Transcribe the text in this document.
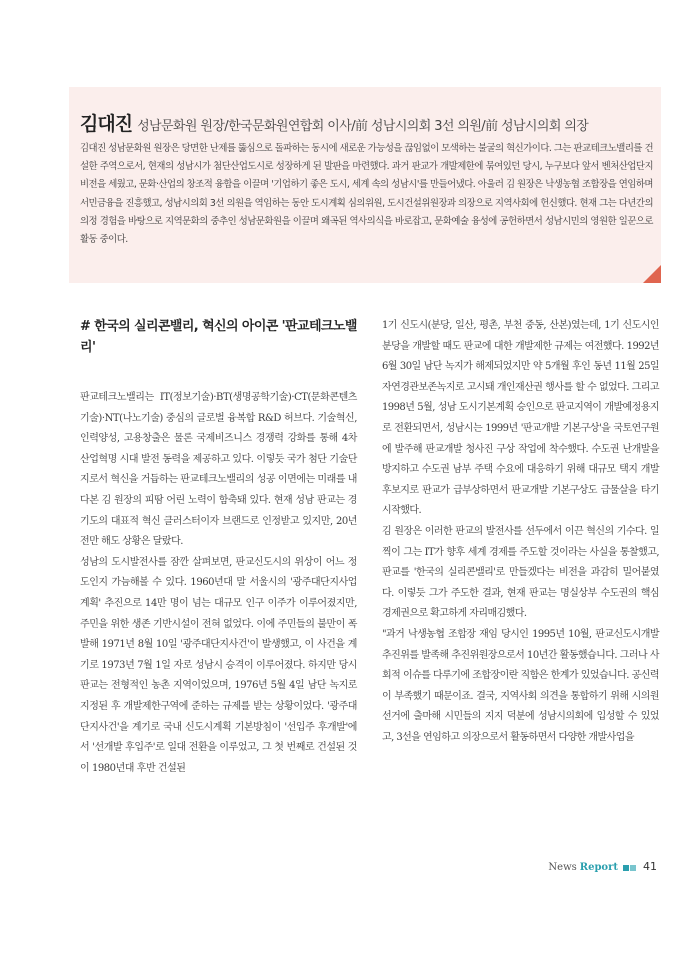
김대진 성남문화원 원장/한국문화원연합회 이사/前 성남시의회 3선 의원/前 성남시의회 의장

김대진 성남문화원 원장은 당면한 난제를 뚫심으로 돌파하는 동시에 새로운 가능성을 끊임없이 모색하는 불굴의 혁신가이다. 그는 판교테크노밸리를 건설한 주역으로서, 현재의 성남시가 첨단산업도시로 성장하게 된 발판을 마련했다. 과거 판교가 개발제한에 묶여있던 당시, 누구보다 앞서 벤처산업단지 비전을 세웠고, 문화·산업의 창조적 융합을 이끌며 '기업하기 좋은 도시, 세계 속의 성남시'를 만들어냈다. 아울러 김 원장은 낙생농협 조합장을 연임하며 서민금융을 진흥했고, 성남시의회 3선 의원을 역임하는 동안 도시계획 심의위원, 도시건설위원장과 의장으로 지역사회에 헌신했다. 현재 그는 다년간의 의정 경험을 바탕으로 지역문화의 중추인 성남문화원을 이끌며 왜곡된 역사의식을 바로잡고, 문화예술 융성에 공헌하면서 성남시민의 영원한 일꾼으로 활동 중이다.

# 한국의 실리콘밸리, 혁신의 아이콘 '판교테크노밸리'

판교테크노밸리는 IT(정보기술)·BT(생명공학기술)·CT(문화콘텐츠기술)·NT(나노기술) 중심의 글로벌 융복합 R&D 허브다. 기술혁신, 인력양성, 고용창출은 물론 국제비즈니스 경쟁력 강화를 통해 4차 산업혁명 시대 발전 동력을 제공하고 있다. 이렇듯 국가 첨단 기술단지로서 혁신을 거듭하는 판교테크노밸리의 성공 이면에는 미래를 내다본 김 원장의 피땀 어린 노력이 함축돼 있다. 현재 성남 판교는 경기도의 대표적 혁신 클러스터이자 브랜드로 인정받고 있지만, 20년 전만 해도 상황은 달랐다.

성남의 도시발전사를 잠깐 살펴보면, 판교신도시의 위상이 어느 정도인지 가늠해볼 수 있다. 1960년대 말 서울시의 '광주대단지사업계획' 추진으로 14만 명이 넘는 대규모 인구 이주가 이루어졌지만, 주민을 위한 생존 기반시설이 전혀 없었다. 이에 주민들의 불만이 폭발해 1971년 8월 10일 '광주대단지사건'이 발생했고, 이 사건을 계기로 1973년 7월 1일 자로 성남시 승격이 이루어졌다. 하지만 당시 판교는 전형적인 농촌 지역이었으며, 1976년 5월 4일 남단 녹지로 지정된 후 개발제한구역에 준하는 규제를 받는 상황이었다. '광주대단지사건'을 계기로 국내 신도시계획 기본방침이 '선입주 후개발'에서 '선개발 후입주'로 일대 전환을 이루었고, 그 첫 번째로 건설된 것이 1980년대 후반 건설된

1기 신도시(분당, 일산, 평촌, 부천 중동, 산본)였는데, 1기 신도시인 분당을 개발할 때도 판교에 대한 개발제한 규제는 여전했다. 1992년 6월 30일 남단 녹지가 해제되었지만 약 5개월 후인 동년 11월 25일 자연경관보존녹지로 고시돼 개인재산권 행사를 할 수 없었다. 그리고 1998년 5월, 성남 도시기본계획 승인으로 판교지역이 개발예정용지로 전환되면서, 성남시는 1999년 '판교개발 기본구상'을 국토연구원에 발주해 판교개발 청사진 구상 작업에 착수했다. 수도권 난개발을 방지하고 수도권 남부 주택 수요에 대응하기 위해 대규모 택지 개발 후보지로 판교가 급부상하면서 판교개발 기본구상도 급물살을 타기 시작했다.

김 원장은 이러한 판교의 발전사를 선두에서 이끈 혁신의 기수다. 일찍이 그는 IT가 향후 세계 경제를 주도할 것이라는 사실을 통찰했고, 판교를 '한국의 실리콘밸리'로 만들겠다는 비전을 과감히 밀어붙였다. 이렇듯 그가 주도한 결과, 현재 판교는 명실상부 수도권의 핵심 경제권으로 확고하게 자리매김했다.

"과거 낙생농협 조합장 재임 당시인 1995년 10월, 판교신도시개발추진위를 발족해 추진위원장으로서 10년간 활동했습니다. 그러나 사회적 이슈를 다루기에 조합장이란 직함은 한계가 있었습니다. 공신력이 부족했기 때문이죠. 결국, 지역사회 의견을 통합하기 위해 시의원 선거에 출마해 시민들의 지지 덕분에 성남시의회에 입성할 수 있었고, 3선을 연임하고 의장으로서 활동하면서 다양한 개발사업을

News Report 41
